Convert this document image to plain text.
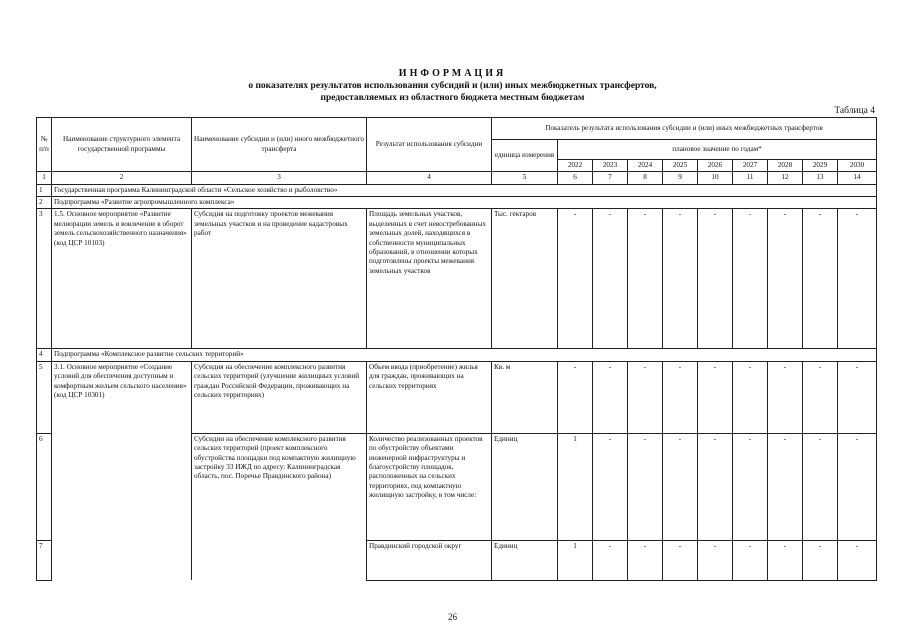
ИНФОРМАЦИЯ
о показателях результатов использования субсидий и (или) иных межбюджетных трансфертов,
предоставляемых из областного бюджета местным бюджетам
Таблица 4
№ п/п	Наименование структурного элемента государственной программы	Наименование субсидии и (или) иного межбюджетного трансферта	Результат использования субсидии	Показатель результата использования субсидии и (или) иных межбюджетных трансфертов									
				единица измерения	плановое значение по годам*								
					2022	2023	2024	2025	2026	2027	2028	2029	2030
1	2	3	4	5	6	7	8	9	10	11	12	13	14
1	Государственная программа Калининградской области «Сельское хозяйство и рыболовство»												
2	Подпрограмма «Развитие агропромышленного комплекса»												
3	1.5. Основное мероприятие «Развитие мелиорации земель и вовлечение в оборот земель сельскохозяйственного назначения» (код ЦСР 10103)	Субсидия на подготовку проектов межевания земельных участков и на проведение кадастровых работ	Площадь земельных участков, выделенных в счет невостребованных земельных долей, находящихся в собственности муниципальных образований, в отношении которых подготовлены проекты межевания земельных участков	Тыс. гектаров	-	-	-	-	-	-	-	-	-
4	Подпрограмма «Комплексное развитие сельских территорий»												
5	3.1. Основное мероприятие «Создание условий для обеспечения доступным и комфортным жильем сельского населения» (код ЦСР 10301)	Субсидия на обеспечение комплексного развития сельских территорий (улучшение жилищных условий граждан Российской Федерации, проживающих на сельских территориях)	Объем ввода (приобретение) жилья для граждан, проживающих на сельских территориях	Кв. м	-	-	-	-	-	-	-	-	-
6		Субсидии на обеспечение комплексного развития сельских территорий (проект комплексного обустройства площадки под компактную жилищную застройку 33 ИЖД по адресу: Калининградская область, пос. Поречье Правдинского района)	Количество реализованных проектов по обустройству объектами инженерной инфраструктуры и благоустройству площадок, расположенных на сельских территориях, под компактную жилищную застройку, в том числе:	Единиц	1	-	-	-	-	-	-	-	-
7			Правдинский городской округ	Единиц	1	-	-	-	-	-	-	-	-
26
